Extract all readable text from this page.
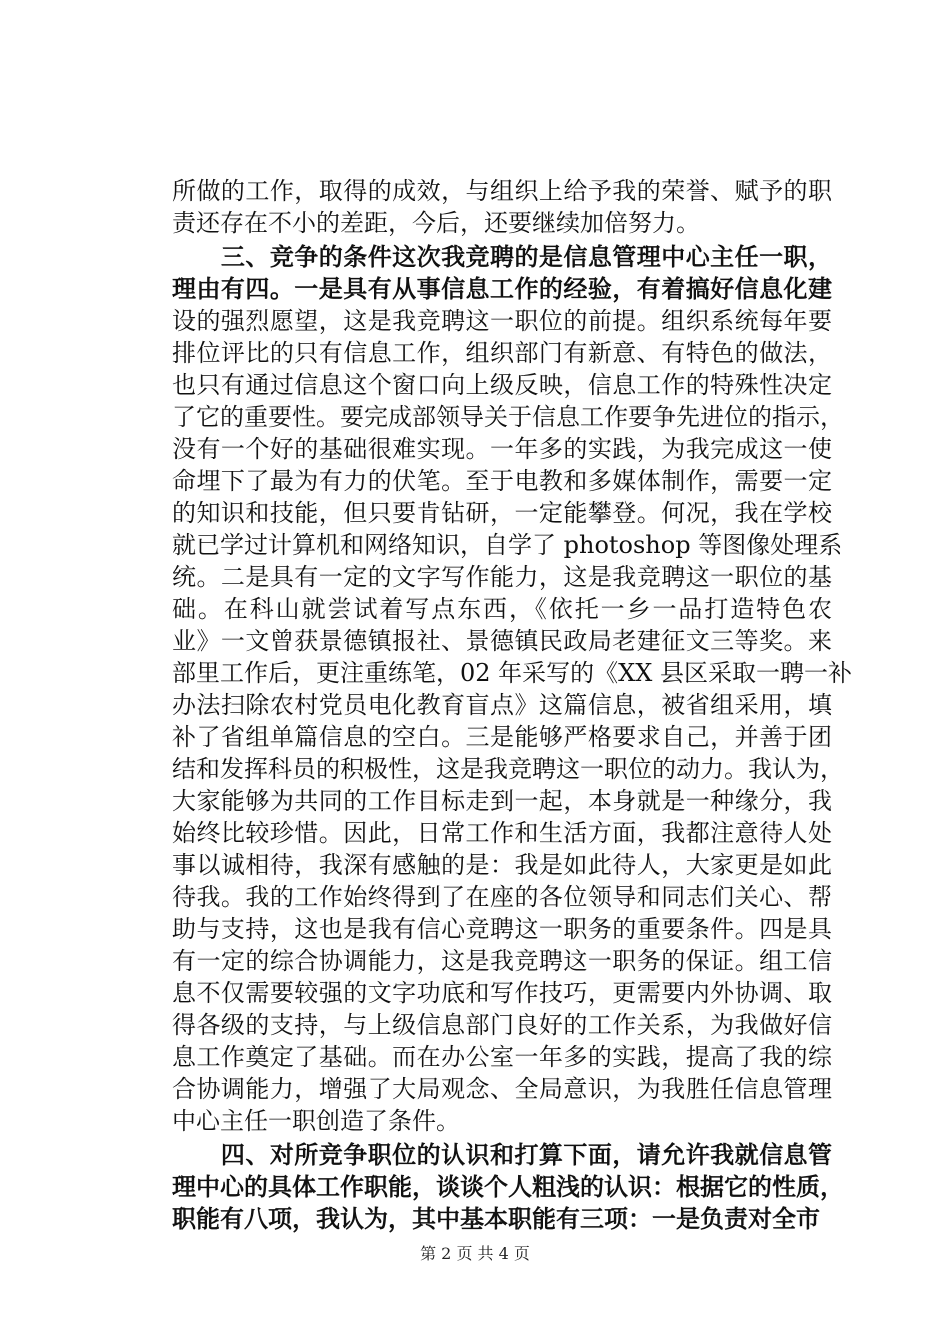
所做的工作，取得的成效，与组织上给予我的荣誉、赋予的职
责还存在不小的差距，今后，还要继续加倍努力。
　　三、竞争的条件这次我竞聘的是信息管理中心主任一职，
理由有四。一是具有从事信息工作的经验，有着搞好信息化建
设的强烈愿望，这是我竞聘这一职位的前提。组织系统每年要
排位评比的只有信息工作，组织部门有新意、有特色的做法，
也只有通过信息这个窗口向上级反映，信息工作的特殊性决定
了它的重要性。要完成部领导关于信息工作要争先进位的指示，
没有一个好的基础很难实现。一年多的实践，为我完成这一使
命埋下了最为有力的伏笔。至于电教和多媒体制作，需要一定
的知识和技能，但只要肯钻研，一定能攀登。何况，我在学校
就已学过计算机和网络知识，自学了 photoshop 等图像处理系
统。二是具有一定的文字写作能力，这是我竞聘这一职位的基
础。在科山就尝试着写点东西，《依托一乡一品打造特色农
业》一文曾获景德镇报社、景德镇民政局老建征文三等奖。来
部里工作后，更注重练笔，02 年采写的《XX 县区采取一聘一补
办法扫除农村党员电化教育盲点》这篇信息，被省组采用，填
补了省组单篇信息的空白。三是能够严格要求自己，并善于团
结和发挥科员的积极性，这是我竞聘这一职位的动力。我认为，
大家能够为共同的工作目标走到一起，本身就是一种缘分，我
始终比较珍惜。因此，日常工作和生活方面，我都注意待人处
事以诚相待，我深有感触的是：我是如此待人，大家更是如此
待我。我的工作始终得到了在座的各位领导和同志们关心、帮
助与支持，这也是我有信心竞聘这一职务的重要条件。四是具
有一定的综合协调能力，这是我竞聘这一职务的保证。组工信
息不仅需要较强的文字功底和写作技巧，更需要内外协调、取
得各级的支持，与上级信息部门良好的工作关系，为我做好信
息工作奠定了基础。而在办公室一年多的实践，提高了我的综
合协调能力，增强了大局观念、全局意识，为我胜任信息管理
中心主任一职创造了条件。
　　四、对所竞争职位的认识和打算下面，请允许我就信息管
理中心的具体工作职能，谈谈个人粗浅的认识：根据它的性质，
职能有八项，我认为，其中基本职能有三项：一是负责对全市
第 2 页 共 4 页
